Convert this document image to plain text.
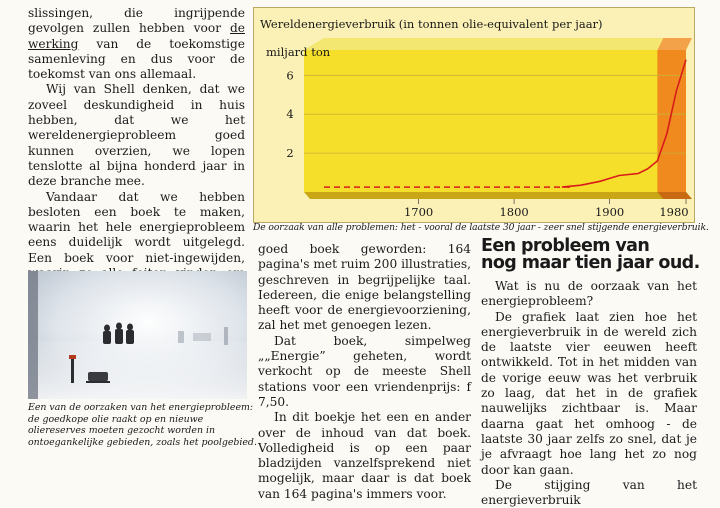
slissingen, die ingrijpende gevolgen zullen hebben voor de werking van de toekomstige samenleving en dus voor de toekomst van ons allemaal.

Wij van Shell denken, dat we zoveel deskundigheid in huis hebben, dat we het wereldenergieprobleem goed kunnen overzien, we lopen tenslotte al bijna honderd jaar in deze branche mee.

Vandaar dat we hebben besloten een boek te maken, waarin het hele energieprobleem eens duidelijk wordt uitgelegd. Een boek voor niet-ingewijden,

Een van de oorzaken van het energieprobleem: de goedkope olie raakt op en nieuwe oliereserves moeten gezocht worden in ontoegankelijke gebieden, zoals het poolgebied.
6
4
2
1700	1800	1900	1980
Wereldenergieverbruik (in tonnen olie-equivalent per jaar)
miljard ton
De oorzaak van alle problemen: het - vooral de laatste 30 jaar - zeer snel stijgende energieverbruik.

goed boek geworden: 164 pagina's met ruim 200 illustraties, geschreven in begrijpelijke taal. Iedereen, die enige belangstelling heeft voor de energievoorziening, zal het met genoegen lezen.

Dat boek, simpelweg „„Energie” geheten, wordt verkocht op de meeste Shell stations voor een vriendenprijs: f 7,50.

In dit boekje het een en ander over de inhoud van dat boek. Volledigheid is op een paar bladzijden vanzelfsprekend niet mogelijk, maar daar is dat boek van 164 pagina's immers voor.

Een probleem van
nog maar tien jaar oud.

Wat is nu de oorzaak van het energieprobleem?

De grafiek laat zien hoe het energieverbruik in de wereld zich de laatste vier eeuwen heeft ontwikkeld. Tot in het midden van de vorige eeuw was het verbruik zo laag, dat het in de grafiek nauwelijks zichtbaar is. Maar daarna gaat het omhoog - de laatste 30 jaar zelfs zo snel, dat je je afvraagt hoe lang het zo nog door kan gaan.

De stijging van het energieverbruik
